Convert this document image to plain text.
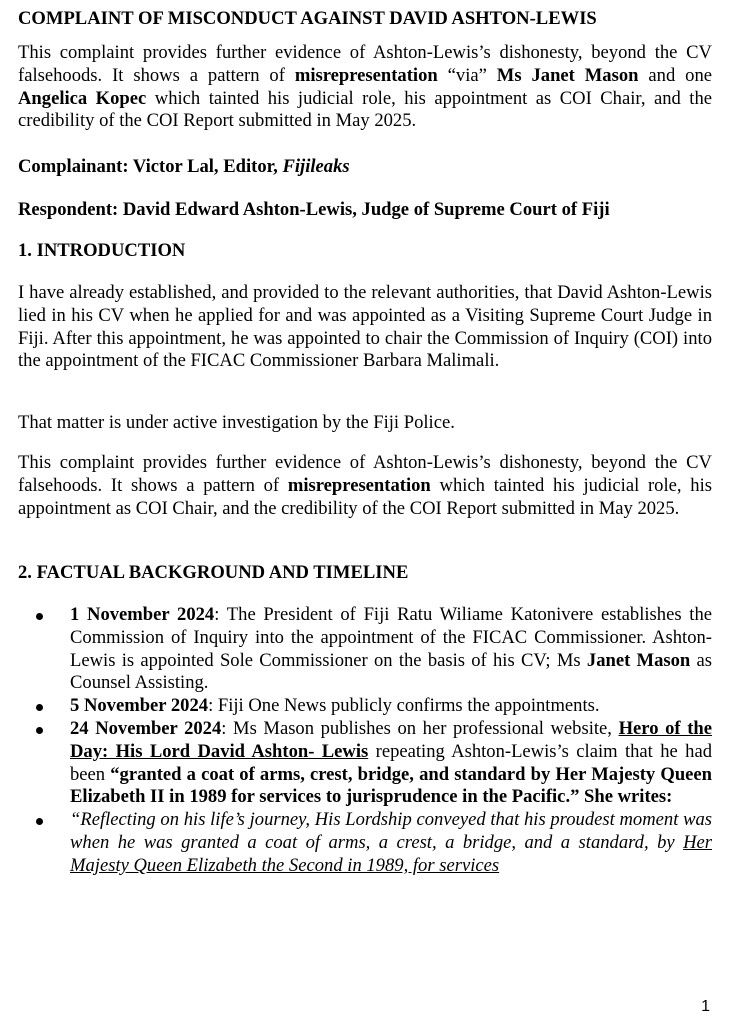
COMPLAINT OF MISCONDUCT AGAINST DAVID ASHTON-LEWIS

This complaint provides further evidence of Ashton-Lewis’s dishonesty, beyond the CV falsehoods. It shows a pattern of misrepresentation “via” Ms Janet Mason and one Angelica Kopec which tainted his judicial role, his appointment as COI Chair, and the credibility of the COI Report submitted in May 2025.

Complainant: Victor Lal, Editor, Fijileaks

Respondent: David Edward Ashton-Lewis, Judge of Supreme Court of Fiji

1. INTRODUCTION

I have already established, and provided to the relevant authorities, that David Ashton-Lewis lied in his CV when he applied for and was appointed as a Visiting Supreme Court Judge in Fiji. After this appointment, he was appointed to chair the Commission of Inquiry (COI) into the appointment of the FICAC Commissioner Barbara Malimali.

That matter is under active investigation by the Fiji Police.

This complaint provides further evidence of Ashton-Lewis’s dishonesty, beyond the CV falsehoods. It shows a pattern of misrepresentation which tainted his judicial role, his appointment as COI Chair, and the credibility of the COI Report submitted in May 2025.

2. FACTUAL BACKGROUND AND TIMELINE

1 November 2024: The President of Fiji Ratu Wiliame Katonivere establishes the Commission of Inquiry into the appointment of the FICAC Commissioner. Ashton-Lewis is appointed Sole Commissioner on the basis of his CV; Ms Janet Mason as Counsel Assisting.
5 November 2024: Fiji One News publicly confirms the appointments.
24 November 2024: Ms Mason publishes on her professional website, Hero of the Day: His Lord David Ashton- Lewis repeating Ashton-Lewis’s claim that he had been “granted a coat of arms, crest, bridge, and standard by Her Majesty Queen Elizabeth II in 1989 for services to jurisprudence in the Pacific.” She writes:
“Reflecting on his life’s journey, His Lordship conveyed that his proudest moment was when he was granted a coat of arms, a crest, a bridge, and a standard, by Her Majesty Queen Elizabeth the Second in 1989, for services
1
